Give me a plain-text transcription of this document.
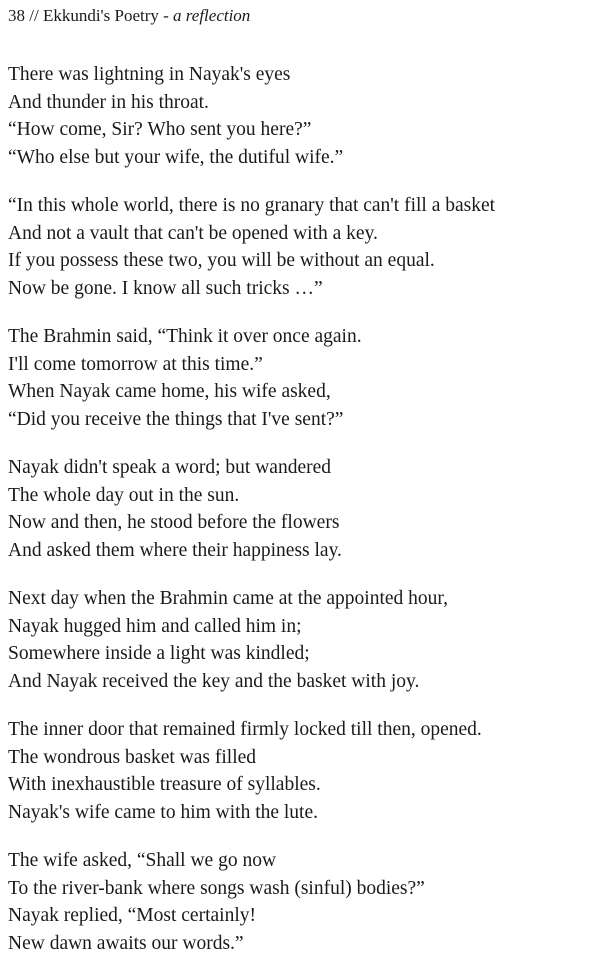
38 // Ekkundi's Poetry - a reflection
There was lightning in Nayak's eyes
And thunder in his throat.
“How come, Sir? Who sent you here?”
“Who else but your wife, the dutiful wife.”
“In this whole world, there is no granary that can't fill a basket
And not a vault that can't be opened with a key.
If you possess these two, you will be without an equal.
Now be gone. I know all such tricks …”
The Brahmin said, “Think it over once again.
I'll come tomorrow at this time.”
When Nayak came home, his wife asked,
“Did you receive the things that I've sent?”
Nayak didn't speak a word; but wandered
The whole day out in the sun.
Now and then, he stood before the flowers
And asked them where their happiness lay.
Next day when the Brahmin came at the appointed hour,
Nayak hugged him and called him in;
Somewhere inside a light was kindled;
And Nayak received the key and the basket with joy.
The inner door that remained firmly locked till then, opened.
The wondrous basket was filled
With inexhaustible treasure of syllables.
Nayak's wife came to him with the lute.
The wife asked, “Shall we go now
To the river-bank where songs wash (sinful) bodies?”
Nayak replied, “Most certainly!
New dawn awaits our words.”
